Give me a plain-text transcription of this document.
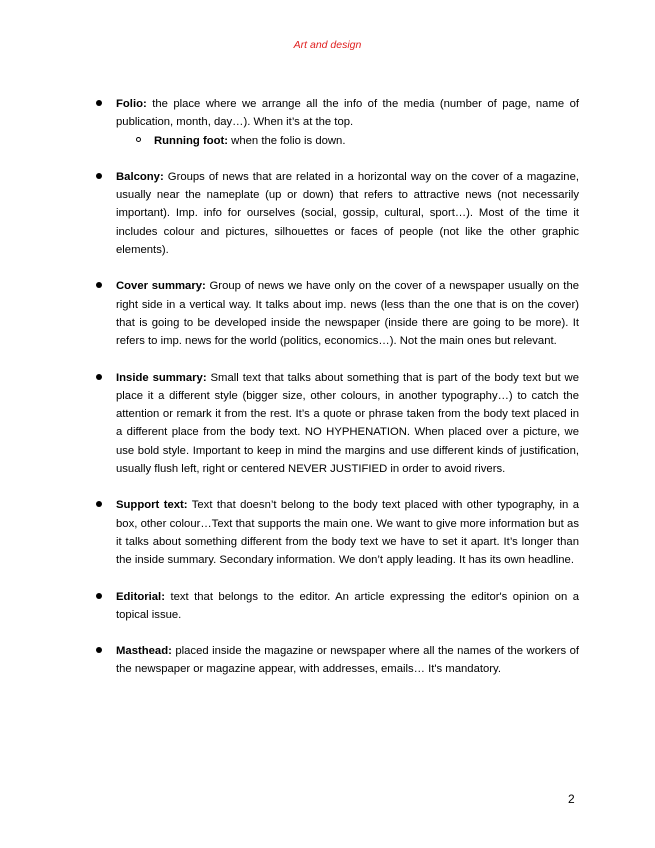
Art and design
Folio: the place where we arrange all the info of the media (number of page, name of publication, month, day…). When it’s at the top.
Running foot: when the folio is down.
Balcony: Groups of news that are related in a horizontal way on the cover of a magazine, usually near the nameplate (up or down) that refers to attractive news (not necessarily important). Imp. info for ourselves (social, gossip, cultural, sport…). Most of the time it includes colour and pictures, silhouettes or faces of people (not like the other graphic elements).
Cover summary: Group of news we have only on the cover of a newspaper usually on the right side in a vertical way. It talks about imp. news (less than the one that is on the cover) that is going to be developed inside the newspaper (inside there are going to be more). It refers to imp. news for the world (politics, economics…). Not the main ones but relevant.
Inside summary: Small text that talks about something that is part of the body text but we place it a different style (bigger size, other colours, in another typography…) to catch the attention or remark it from the rest. It’s a quote or phrase taken from the body text placed in a different place from the body text. NO HYPHENATION. When placed over a picture, we use bold style. Important to keep in mind the margins and use different kinds of justification, usually flush left, right or centered NEVER JUSTIFIED in order to avoid rivers.
Support text: Text that doesn’t belong to the body text placed with other typography, in a box, other colour…Text that supports the main one. We want to give more information but as it talks about something different from the body text we have to set it apart. It’s longer than the inside summary. Secondary information. We don’t apply leading. It has its own headline.
Editorial: text that belongs to the editor. An article expressing the editor's opinion on a topical issue.
Masthead: placed inside the magazine or newspaper where all the names of the workers of the newspaper or magazine appear, with addresses, emails… It's mandatory.
2
